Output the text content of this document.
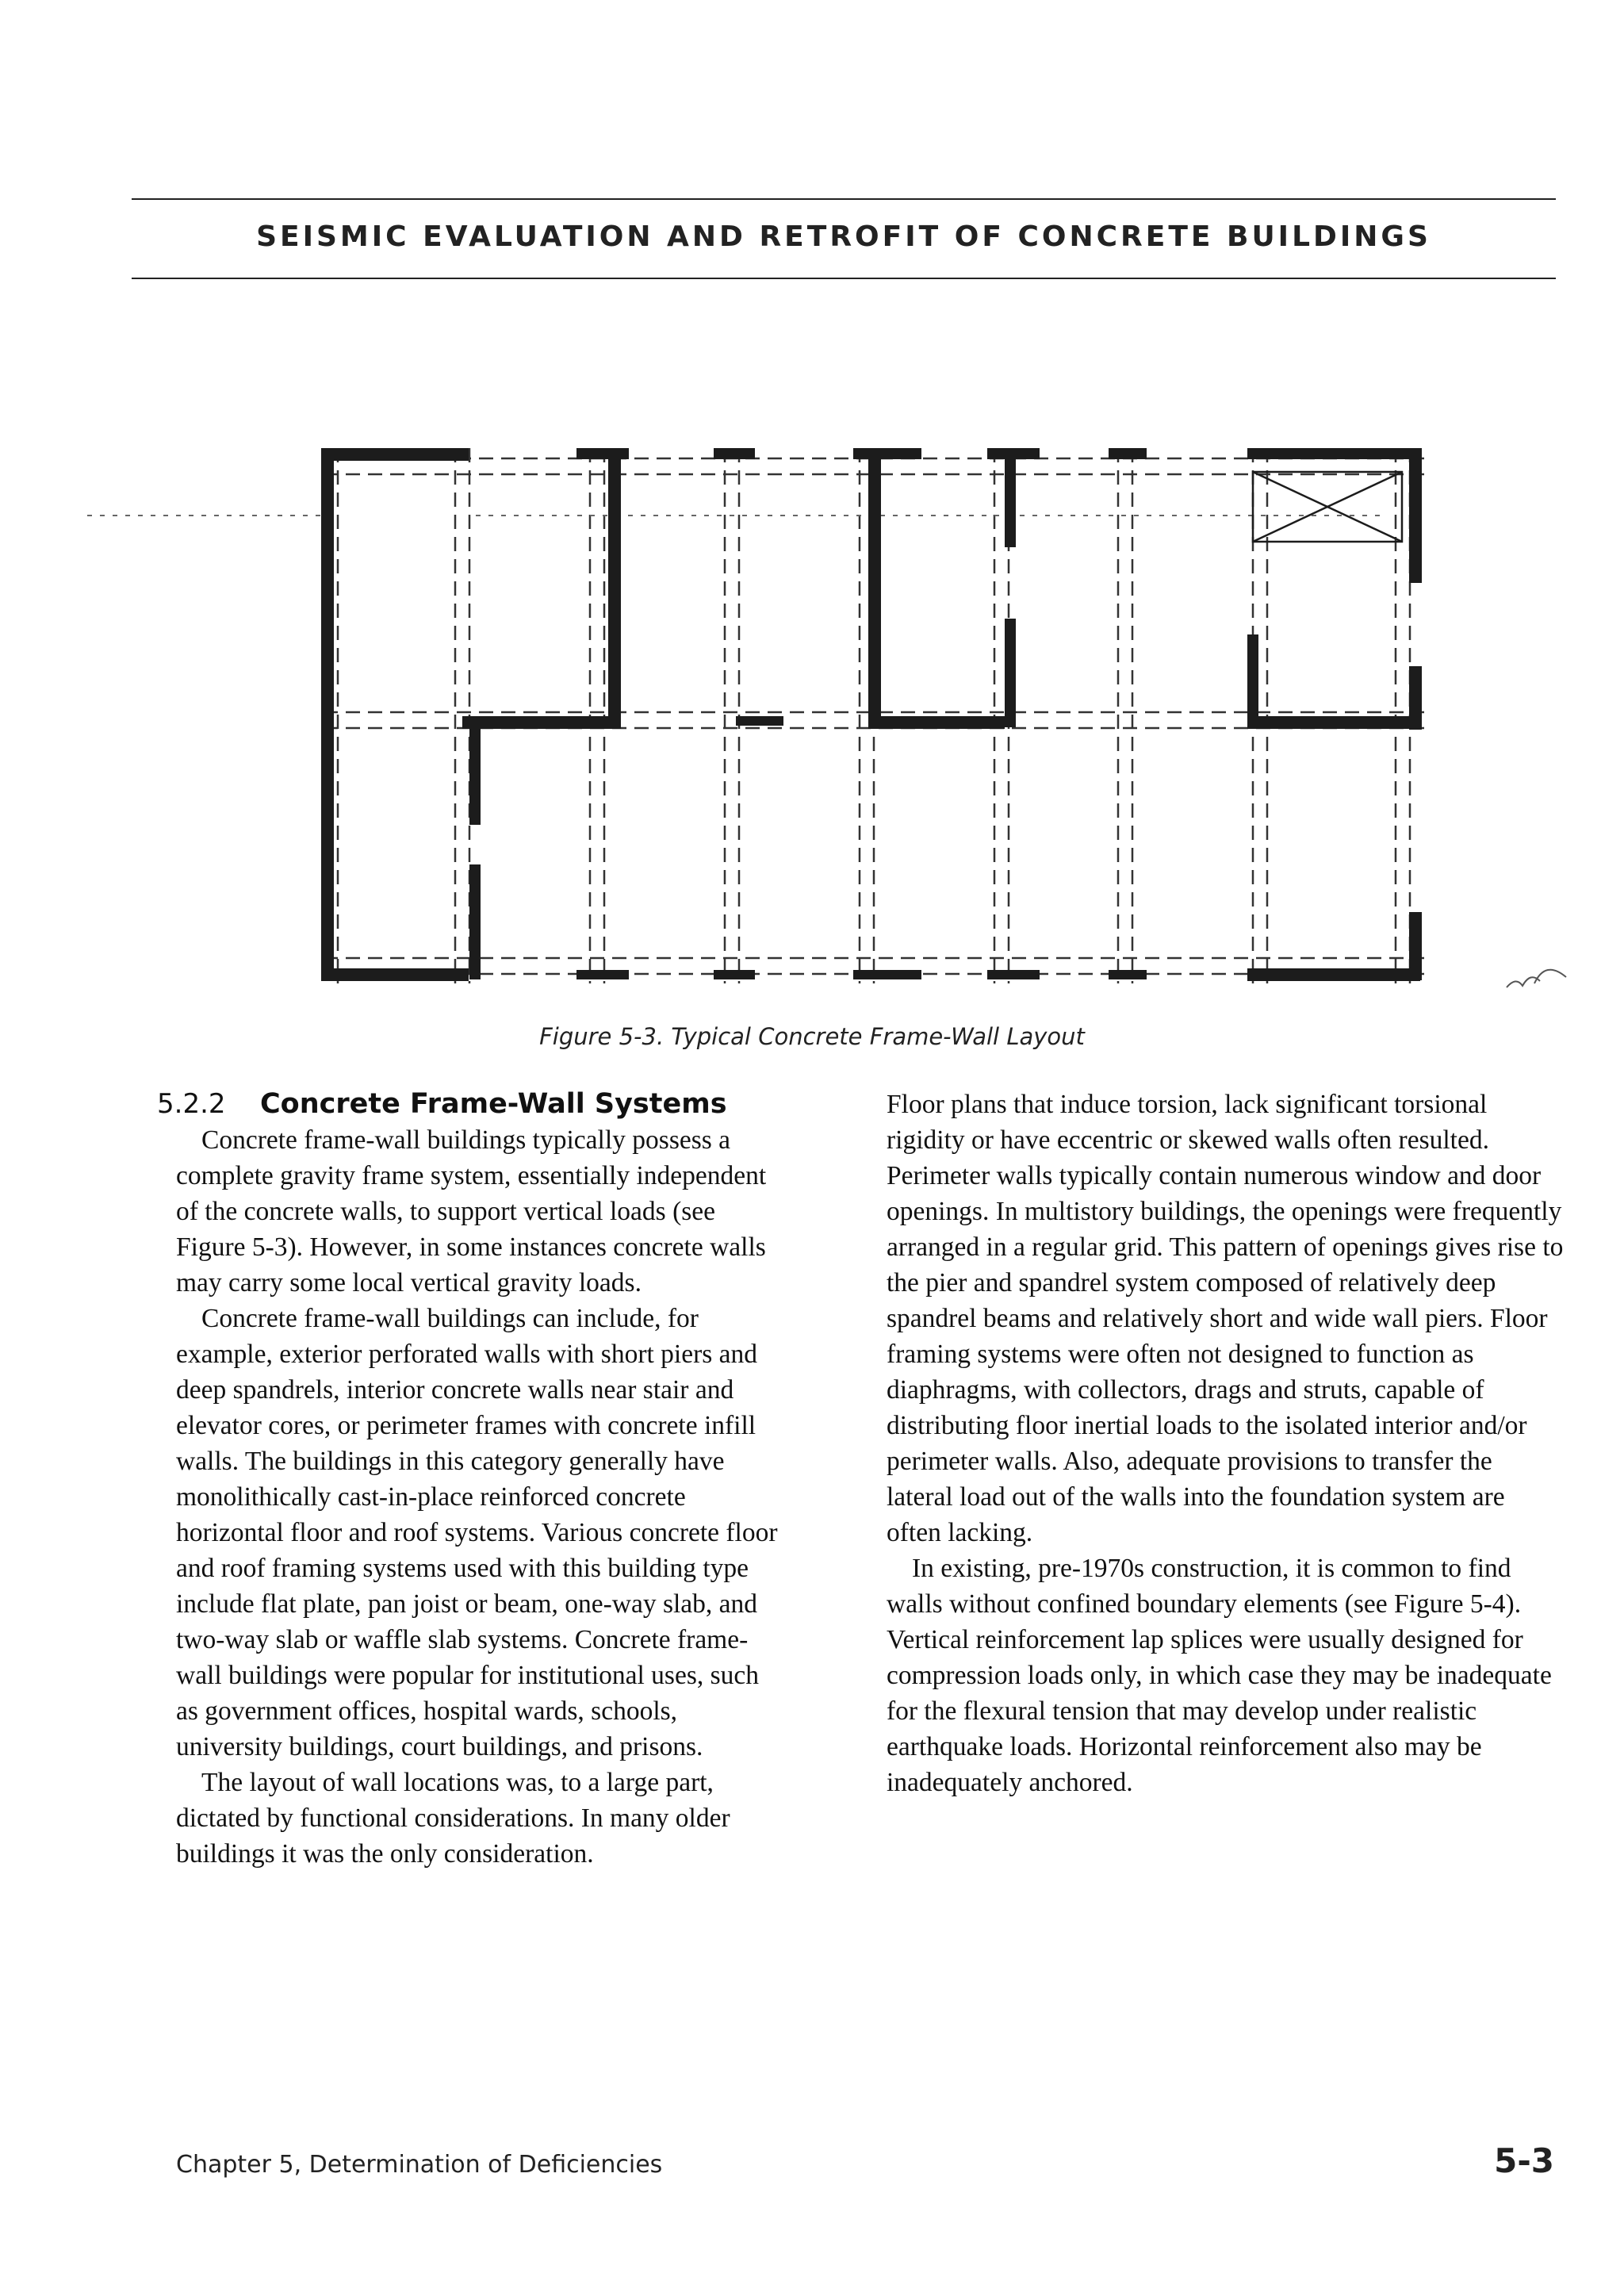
SEISMIC EVALUATION AND RETROFIT OF CONCRETE BUILDINGS
Figure 5-3. Typical Concrete Frame-Wall Layout
5.2.2	Concrete Frame-Wall Systems

Concrete frame-wall buildings typically possess a complete gravity frame system, essentially independent of the concrete walls, to support vertical loads (see Figure 5-3). However, in some instances concrete walls may carry some local vertical gravity loads.

Concrete frame-wall buildings can include, for example, exterior perforated walls with short piers and deep spandrels, interior concrete walls near stair and elevator cores, or perimeter frames with concrete infill walls. The buildings in this category generally have monolithically cast-in-place reinforced concrete horizontal floor and roof systems. Various concrete floor and roof framing systems used with this building type include flat plate, pan joist or beam, one-way slab, and two-way slab or waffle slab systems. Concrete frame-wall buildings were popular for institutional uses, such as government offices, hospital wards, schools, university buildings, court buildings, and prisons.

The layout of wall locations was, to a large part, dictated by functional considerations. In many older buildings it was the only consideration.

Floor plans that induce torsion, lack significant torsional rigidity or have eccentric or skewed walls often resulted. Perimeter walls typically contain numerous window and door openings. In multistory buildings, the openings were frequently arranged in a regular grid. This pattern of openings gives rise to the pier and spandrel system composed of relatively deep spandrel beams and relatively short and wide wall piers. Floor framing systems were often not designed to function as diaphragms, with collectors, drags and struts, capable of distributing floor inertial loads to the isolated interior and/or perimeter walls. Also, adequate provisions to transfer the lateral load out of the walls into the foundation system are often lacking.

In existing, pre-1970s construction, it is common to find walls without confined boundary elements (see Figure 5-4). Vertical reinforcement lap splices were usually designed for compression loads only, in which case they may be inadequate for the flexural tension that may develop under realistic earthquake loads. Horizontal reinforcement also may be inadequately anchored.

Chapter 5, Determination of Deficiencies	5-3
